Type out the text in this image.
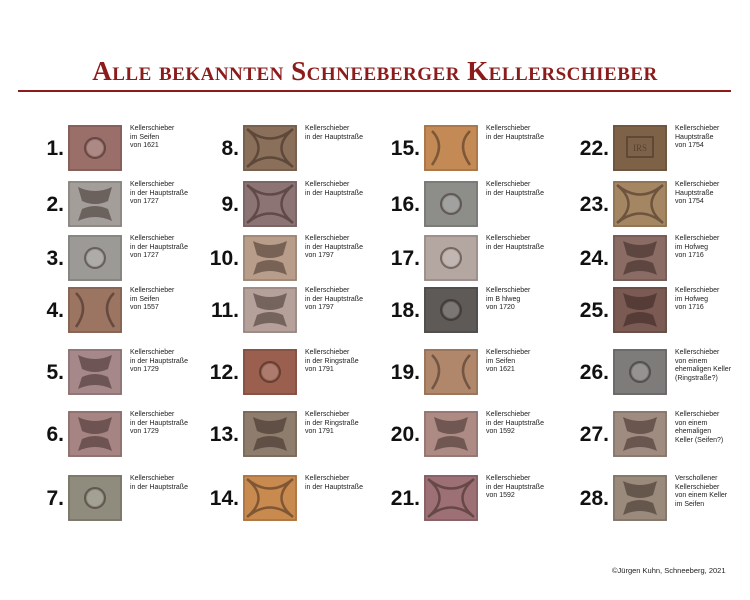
Alle bekannten Schneeberger Kellerschieber
1.
Kellerschieber
im Seifen
von 1621
2.
Kellerschieber
in der Hauptstraße
von 1727
3.
Kellerschieber
in der Hauptstraße
von 1727
4.
Kellerschieber
im Seifen
von 1557
5.
Kellerschieber
in der Hauptstraße
von 1729
6.
Kellerschieber
in der Hauptstraße
von 1729
7.
Kellerschieber
in der Hauptstraße
8.
Kellerschieber
in der Hauptstraße
9.
Kellerschieber
in der Hauptstraße
10.
Kellerschieber
in der Hauptstraße
von 1797
11.
Kellerschieber
in der Hauptstraße
von 1797
12.
Kellerschieber
in der Ringstraße
von 1791
13.
Kellerschieber
in der Ringstraße
von 1791
14.
Kellerschieber
in der Hauptstraße
15.
Kellerschieber
in der Hauptstraße
16.
Kellerschieber
in der Hauptstraße
17.
Kellerschieber
in der Hauptstraße
18.
Kellerschieber
im B hlweg
von 1720
19.
Kellerschieber
im Seifen
von 1621
20.
Kellerschieber
in der Hauptstraße
von 1592
21.
Kellerschieber
in der Hauptstraße
von 1592
22.	IRS
Kellerschieber
Hauptstraße
von 1754
23.
Kellerschieber
Hauptstraße
von 1754
24.
Kellerschieber
im Hofweg
von 1716
25.
Kellerschieber
im Hofweg
von 1716
26.
Kellerschieber
von einem
ehemaligen Keller
(Ringstraße?)
27.
Kellerschieber
von einem
ehemaligen
Keller (Seifen?)
28.
Verschollener
Kellerschieber
von einem Keller
im Seifen
©Jürgen Kuhn, Schneeberg, 2021
